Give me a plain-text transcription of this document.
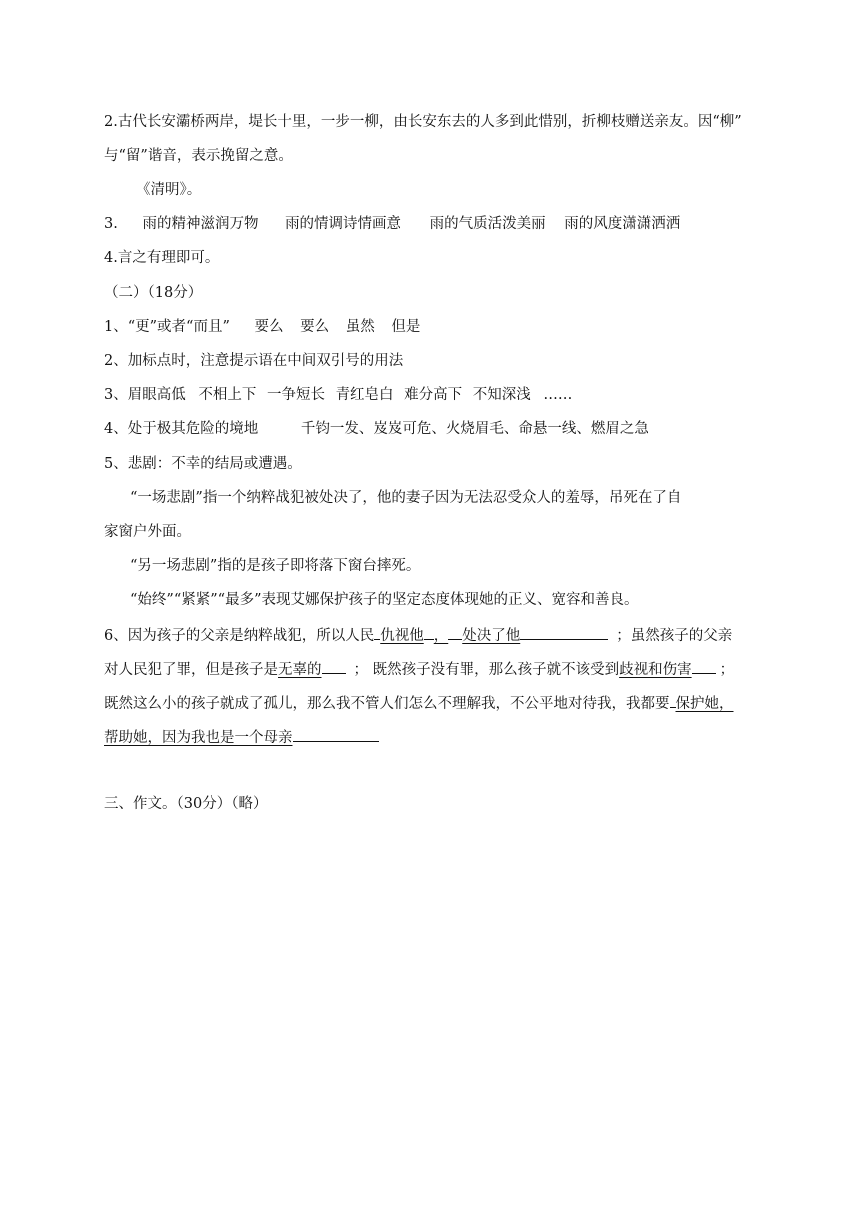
2.古代长安灞桥两岸，堤长十里，一步一柳，由长安东去的人多到此惜别，折柳枝赠送亲友。因“柳”
与“留”谐音，表示挽留之意。
《清明》。
3. 雨的精神滋润万物 雨的情调诗情画意 雨的气质活泼美丽 雨的风度潇潇洒洒
4.言之有理即可。
（二）（18分）
1、“更”或者“而且” 要么 要么 虽然 但是
2、加标点时，注意提示语在中间双引号的用法
3、眉眼高低 不相上下 一争短长 青红皂白 难分高下 不知深浅 ……
4、处于极其危险的境地	千钧一发、岌岌可危、火烧眉毛、命悬一线、燃眉之急
5、悲剧：不幸的结局或遭遇。
“一场悲剧”指一个纳粹战犯被处决了，他的妻子因为无法忍受众人的羞辱，吊死在了自
家窗户外面。
“另一场悲剧”指的是孩子即将落下窗台摔死。
“始终”“紧紧”“最多”表现艾娜保护孩子的坚定态度体现她的正义、宽容和善良。
6、因为孩子的父亲是纳粹战犯，所以人民 仇视他 ， 处决了他	；虽然孩子的父亲
对人民犯了罪，但是孩子是无辜的 ； 既然孩子没有罪，那么孩子就不该受到歧视和伤害 ；
既然这么小的孩子就成了孤儿，那么我不管人们怎么不理解我，不公平地对待我，我都要 保护她，
帮助她，因为我也是一个母亲
三、作文。（30分）（略）
